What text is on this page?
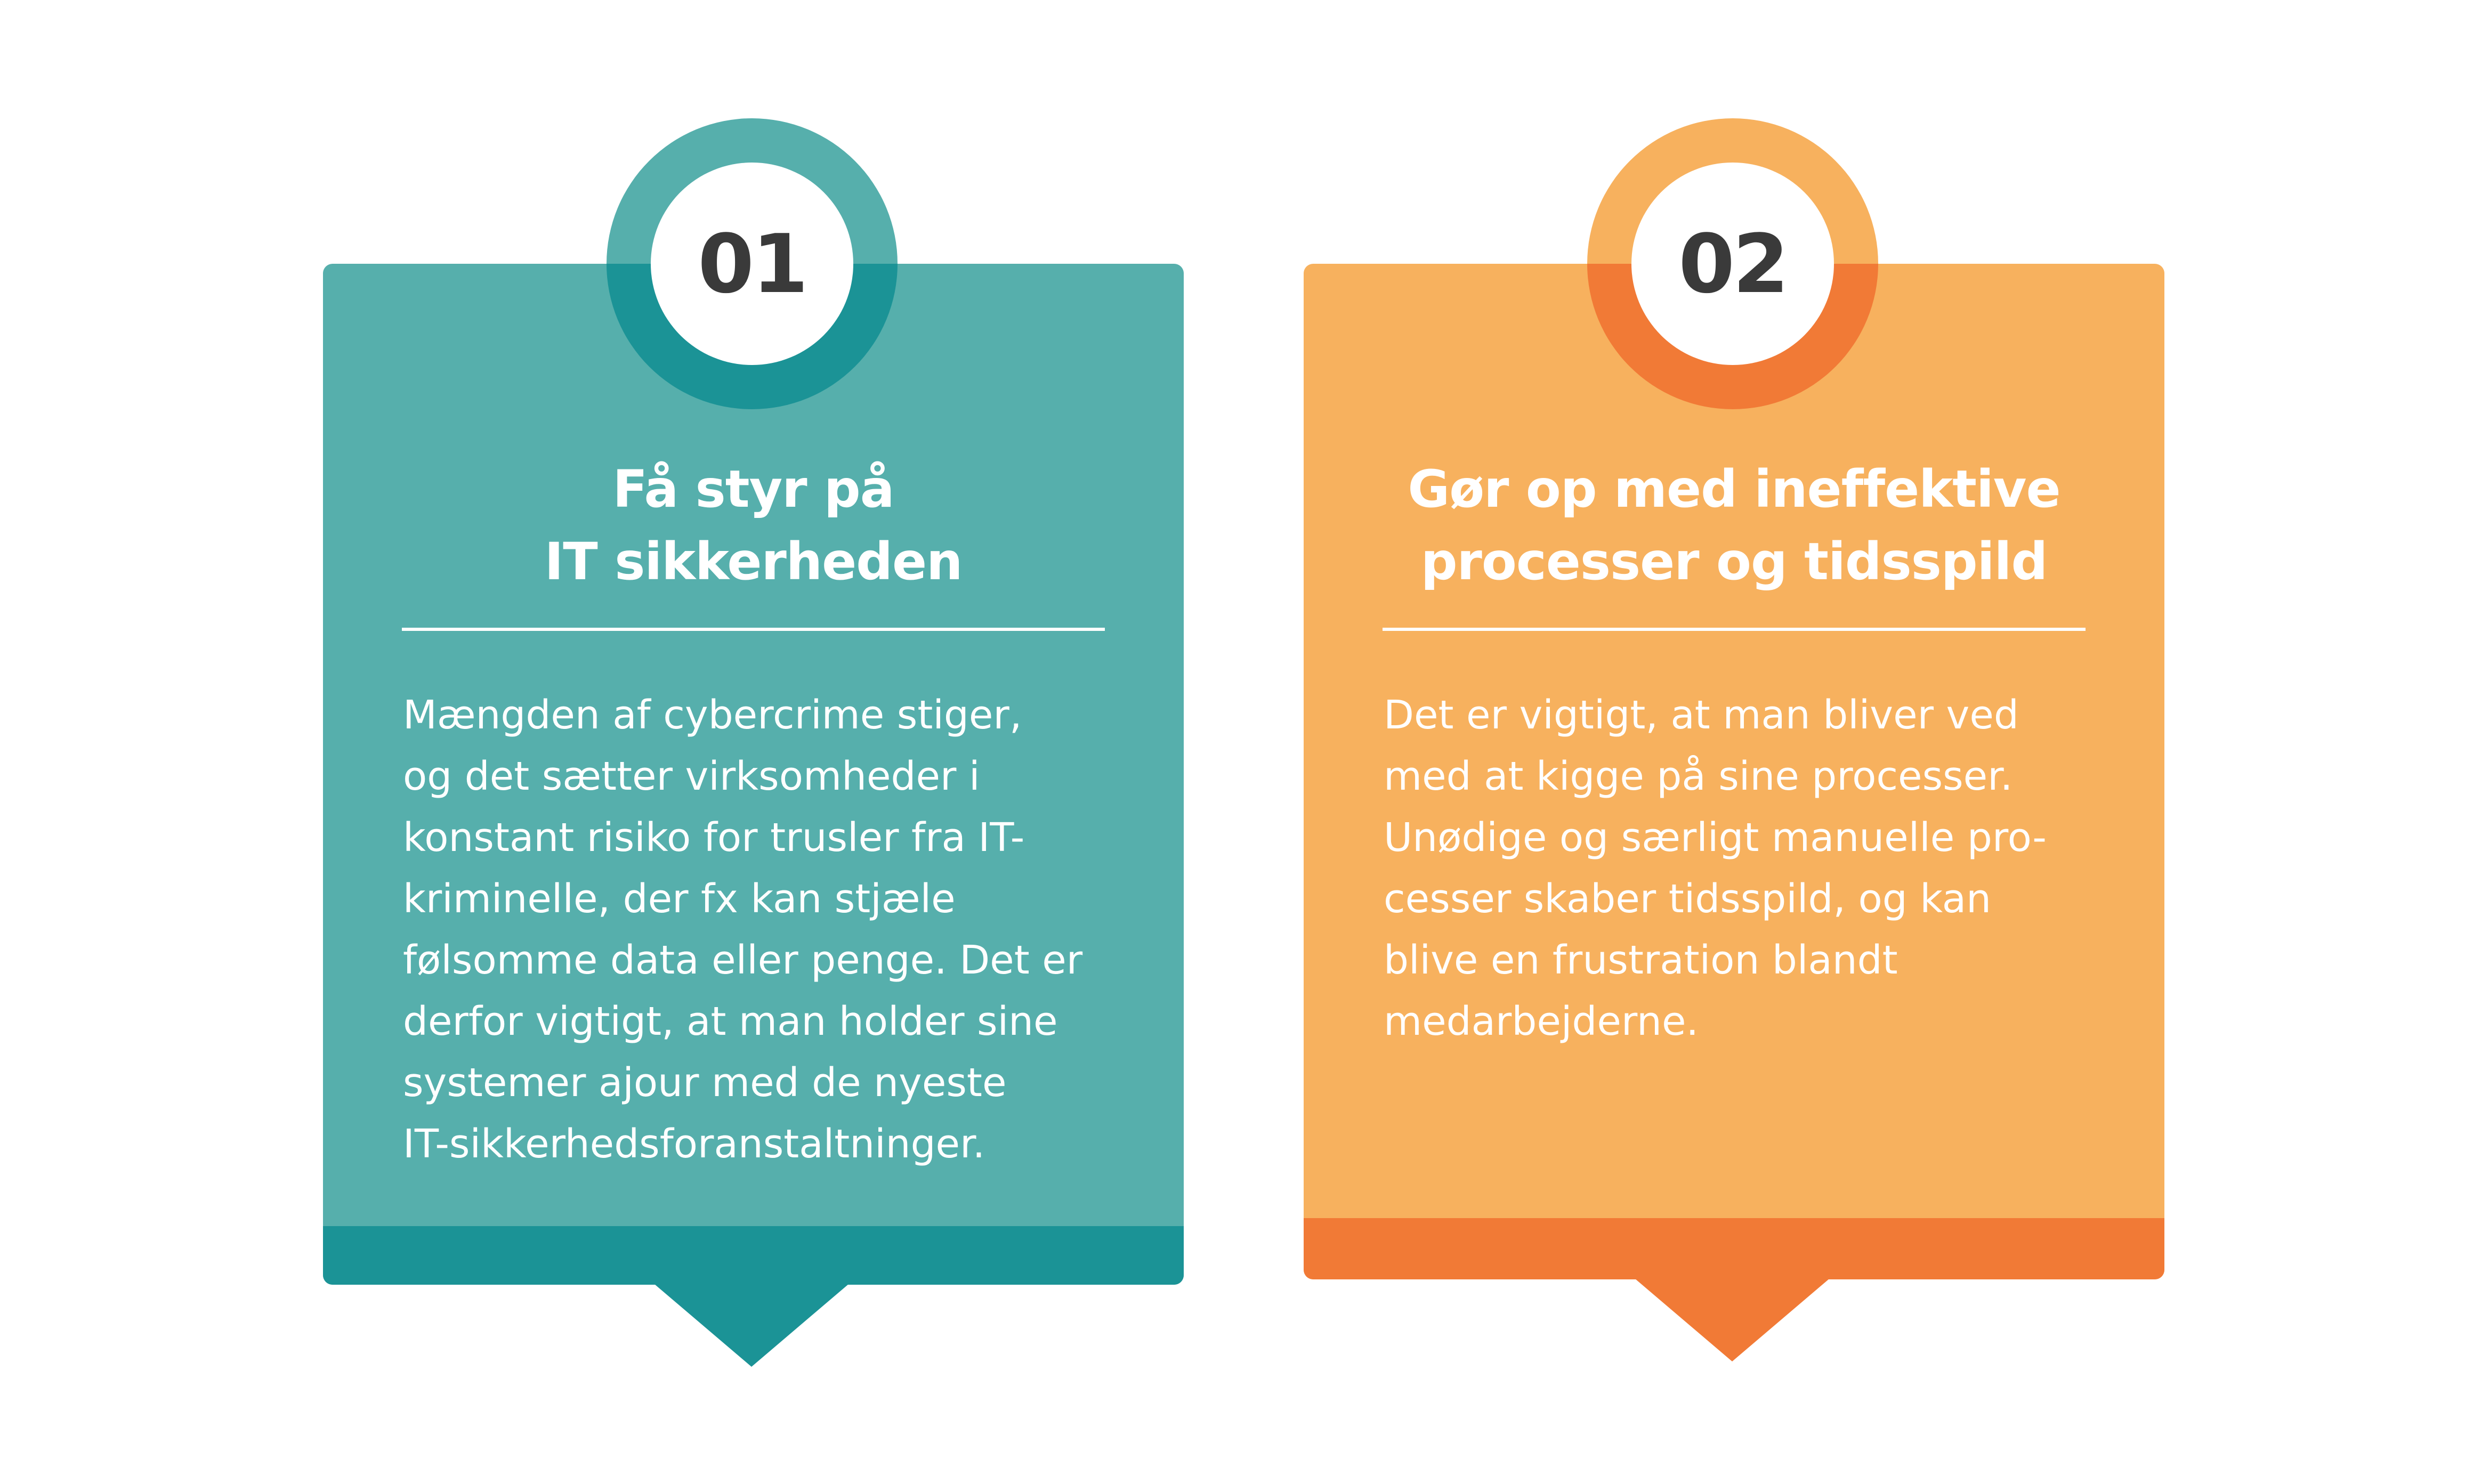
Få styr på
IT sikkerheden
Mængden af cybercrime stiger,
og det sætter virksomheder i
konstant risiko for trusler fra IT-
kriminelle, der fx kan stjæle
følsomme data eller penge. Det er
derfor vigtigt, at man holder sine
systemer ajour med de nyeste
IT-sikkerhedsforanstaltninger.
01
Gør op med ineffektive
processer og tidsspild
Det er vigtigt, at man bliver ved
med at kigge på sine processer.
Unødige og særligt manuelle pro-
cesser skaber tidsspild, og kan
blive en frustration blandt
medarbejderne.
02
